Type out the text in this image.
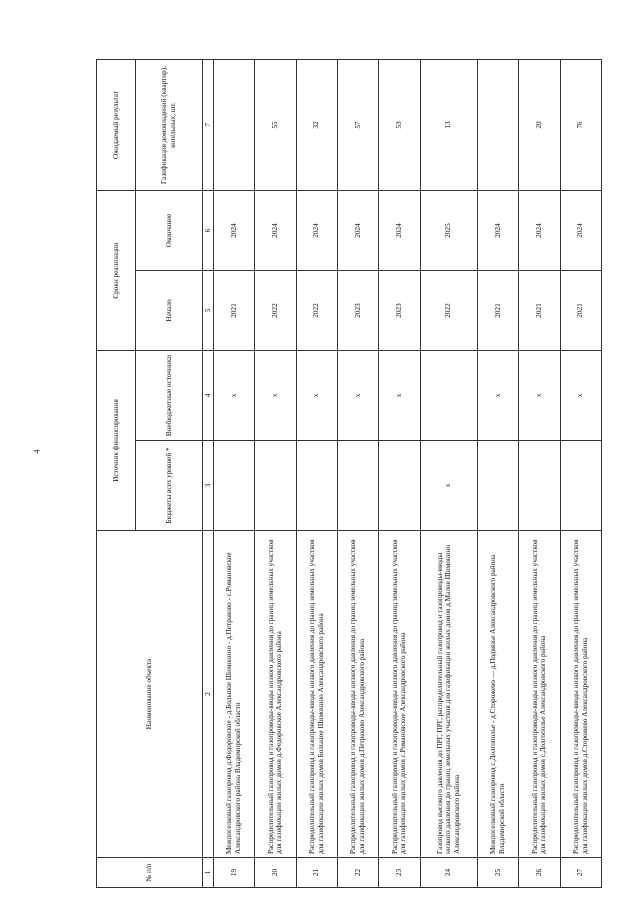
4
№ п/п	Наименование объекта	Источник финансирования		Сроки реализации		Ожидаемый результат
		Бюджеты всех уровней *	Внебюджетные источники	Начало	Окончание	Газификация домовладений (квартир), котельных, шт.
1	2	3	4	5	6	7
19	Межпоселковый газопровод д.Федоровское - д.Большое Шимонино - д.Петраково - с.Романовское Александровского района Владимирской области		х	2021	2024	
20	Распределительный газопровод и газопроводы-вводы низкого давления до границ земельных участков для газификации жилых домов д.Федоровское Александровского района		х	2022	2024	55
21	Распределительный газопровод и газопроводы-вводы низкого давления до границ земельных участков для газификации жилых домов Большое Шимонино Александровского района		х	2022	2024	32
22	Распределительный газопровод и газопроводы-вводы низкого давления до границ земельных участков для газификации жилых домов д.Петраково Александровского района		х	2023	2024	57
23	Распределительный газопровод и газопроводы-вводы низкого давления до границ земельных участков для газификации жилых домов с.Романовское Александровского района		х	2023	2024	53
24	Газопровод высокого давления до ПРГ, ПРГ, распределительный газопровод и газопроводы-вводы низкого давления до границ земельных участков для газификации жилых домов д.Малое Шимонино Александровского района	х		2022	2025	13
25	Межпоселковый газопровод с.Долгополье - д.Сторожево — д.Подвязье Александровского района Владимирской области		х	2021	2024	
26	Распределительный газопровод и газопроводы-вводы низкого давления до границ земельных участков для газификации жилых домов с.Долгополье Александровского района		х	2021	2024	20
27	Распределительный газопровод и газопроводы-вводы низкого давления до границ земельных участков для газификации жилых домов д.Сторожево Александровского района		х	2021	2024	76
